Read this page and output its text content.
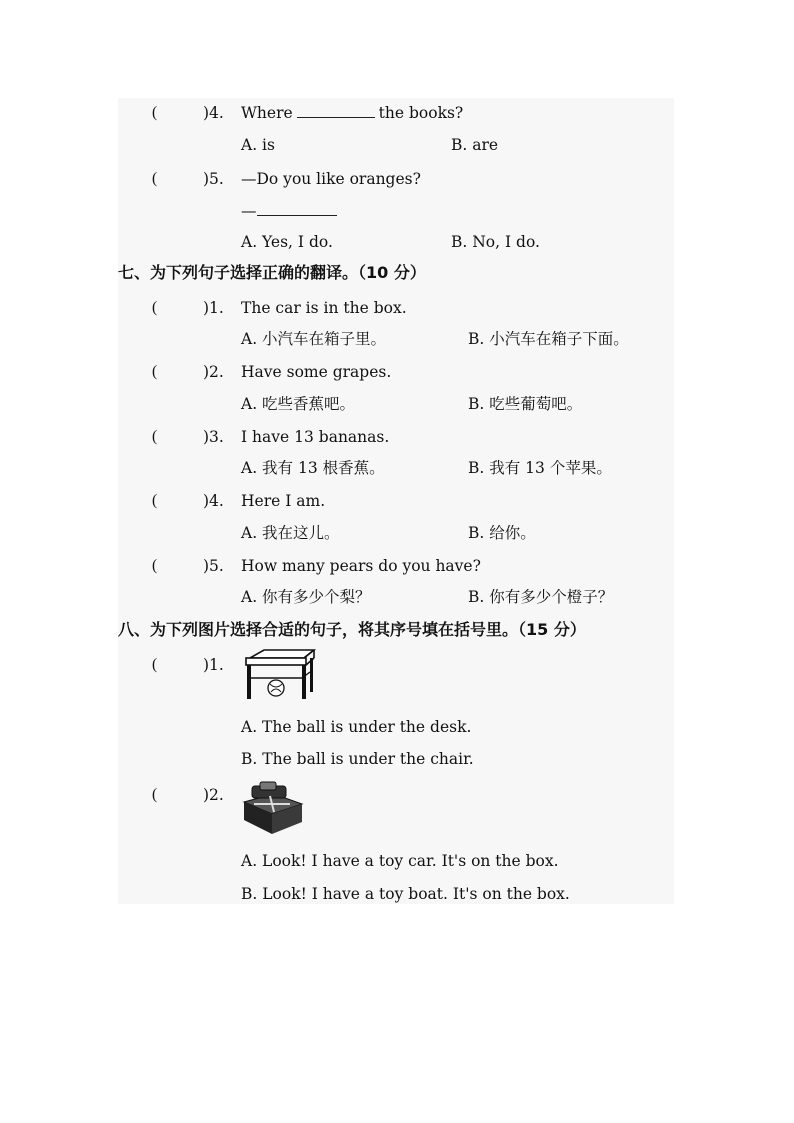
(	)4. Where	the books?
A. is	B. are
(	)5. —Do you like oranges?
—
A. Yes, I do.	B. No, I do.
七、为下列句子选择正确的翻译。（10 分）
(	)1. The car is in the box.
A. 小汽车在箱子里。	B. 小汽车在箱子下面。
(	)2. Have some grapes.
A. 吃些香蕉吧。	B. 吃些葡萄吧。
(	)3. I have 13 bananas.
A. 我有 13 根香蕉。	B. 我有 13 个苹果。
(	)4. Here I am.
A. 我在这儿。	B. 给你。
(	)5. How many pears do you have?
A. 你有多少个梨？	B. 你有多少个橙子？
八、为下列图片选择合适的句子，将其序号填在括号里。（15 分）
(	)1.
A. The ball is under the desk.
B. The ball is under the chair.
(	)2.
A. Look! I have a toy car. It's on the box.
B. Look! I have a toy boat. It's on the box.
